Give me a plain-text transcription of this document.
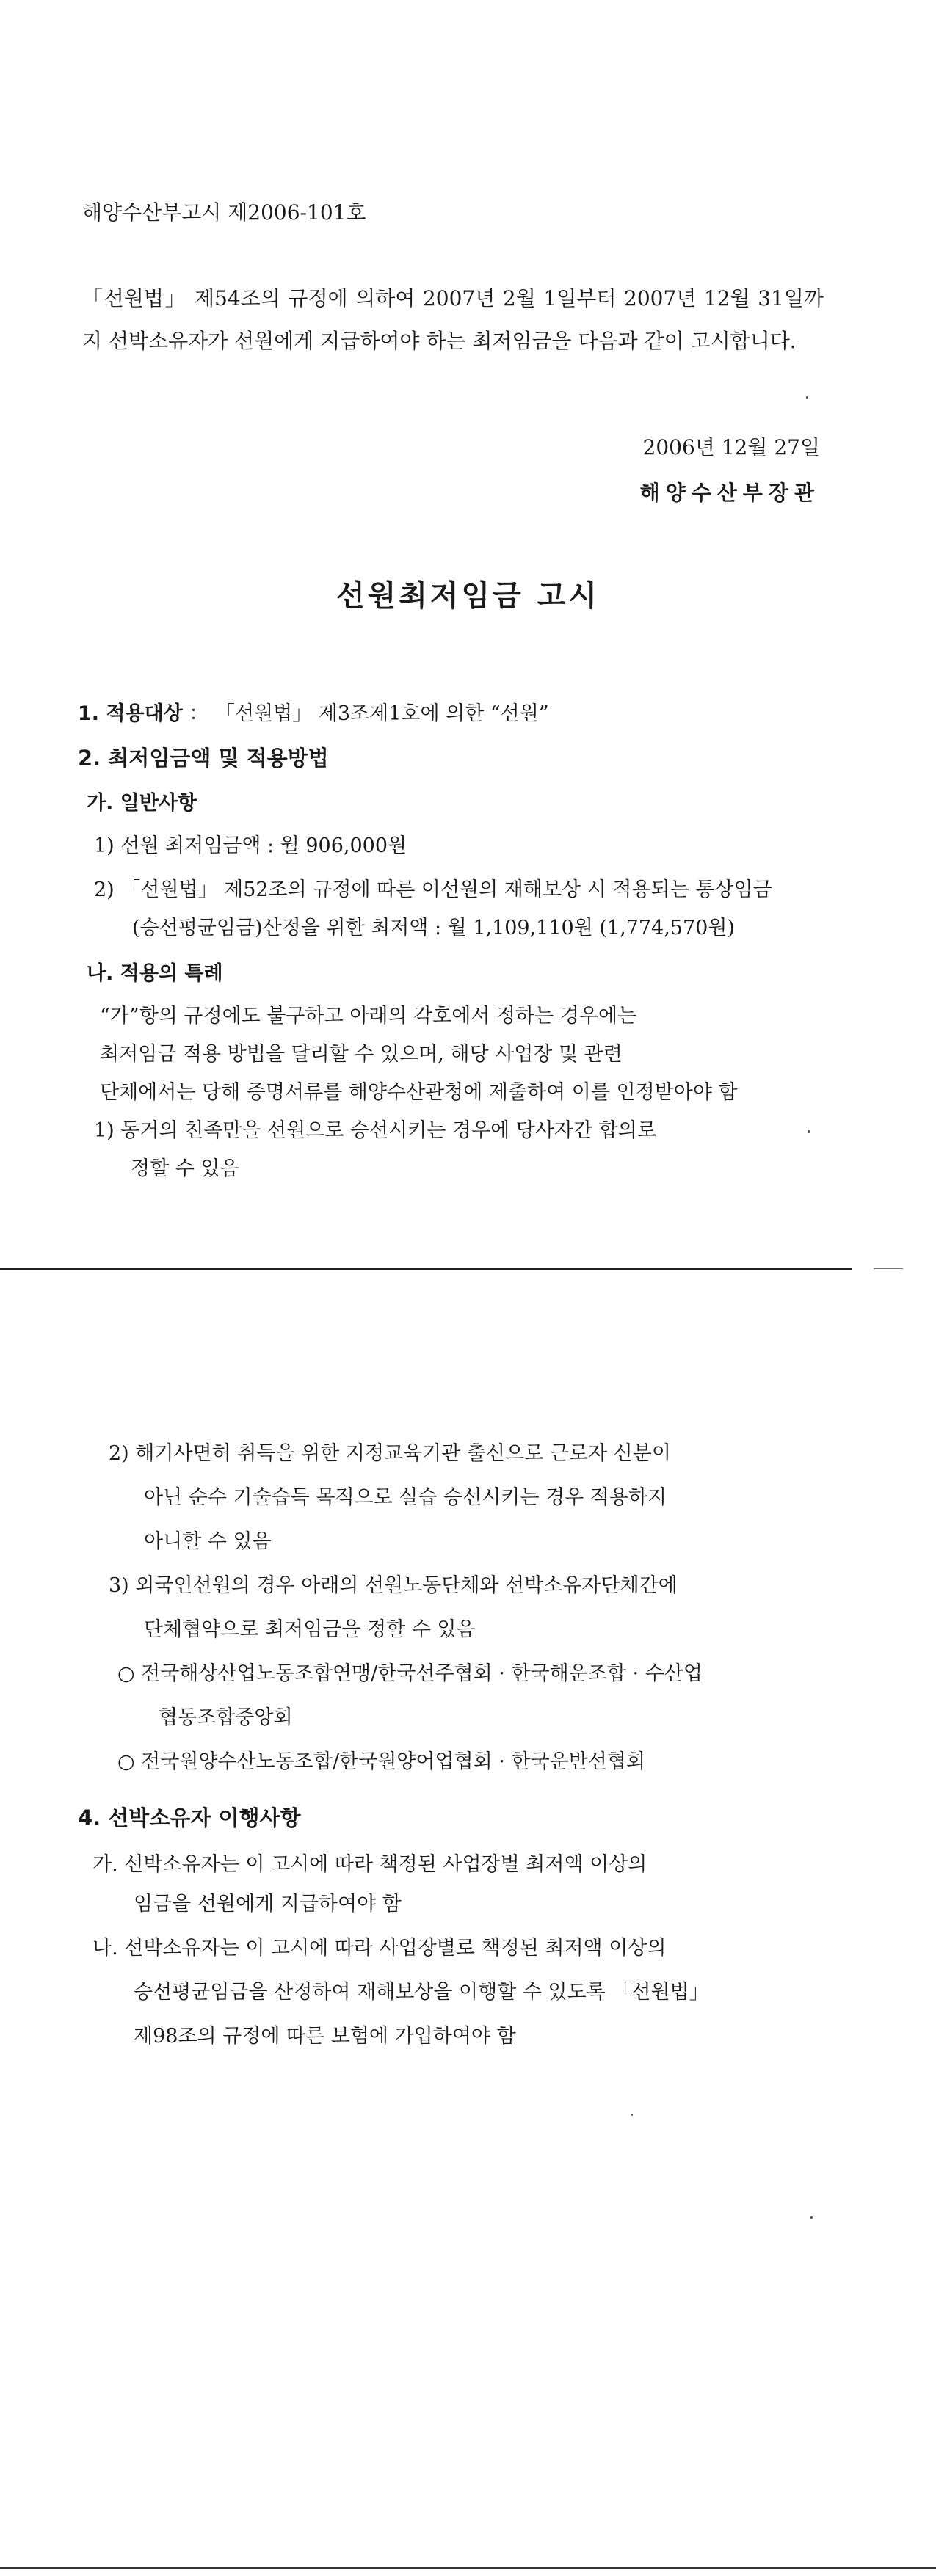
해양수산부고시 제2006-101호
「선원법」 제54조의 규정에 의하여 2007년 2월 1일부터 2007년 12월 31일까지 선박소유자가 선원에게 지급하여야 하는 최저임금을 다음과 같이 고시합니다.
2006년 12월 27일
해양수산부장관
선원최저임금 고시
1. 적용대상 ： 「선원법」 제3조제1호에 의한 “선원”
2. 최저임금액 및 적용방법
가. 일반사항
1) 선원 최저임금액 : 월 906,000원
2) 「선원법」 제52조의 규정에 따른 이선원의 재해보상 시 적용되는 통상임금
(승선평균임금)산정을 위한 최저액 : 월 1,109,110원 (1,774,570원)
나. 적용의 특례
“가”항의 규정에도 불구하고 아래의 각호에서 정하는 경우에는
최저임금 적용 방법을 달리할 수 있으며, 해당 사업장 및 관련
단체에서는 당해 증명서류를 해양수산관청에 제출하여 이를 인정받아야 함
1) 동거의 친족만을 선원으로 승선시키는 경우에 당사자간 합의로
정할 수 있음
2) 해기사면허 취득을 위한 지정교육기관 출신으로 근로자 신분이
아닌 순수 기술습득 목적으로 실습 승선시키는 경우 적용하지
아니할 수 있음
3) 외국인선원의 경우 아래의 선원노동단체와 선박소유자단체간에
단체협약으로 최저임금을 정할 수 있음
○ 전국해상산업노동조합연맹/한국선주협회 · 한국해운조합 · 수산업
협동조합중앙회
○ 전국원양수산노동조합/한국원양어업협회 · 한국운반선협회
4. 선박소유자 이행사항
가. 선박소유자는 이 고시에 따라 책정된 사업장별 최저액 이상의
임금을 선원에게 지급하여야 함
나. 선박소유자는 이 고시에 따라 사업장별로 책정된 최저액 이상의
승선평균임금을 산정하여 재해보상을 이행할 수 있도록 「선원법」
제98조의 규정에 따른 보험에 가입하여야 함
